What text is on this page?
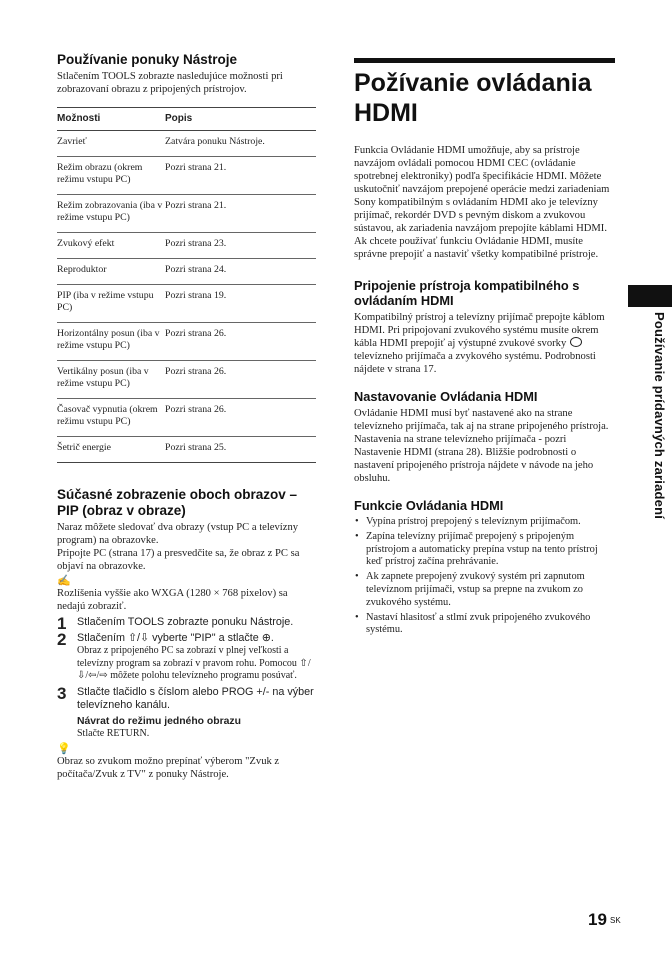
Používanie ponuky Nástroje

Stlačením TOOLS zobrazte nasledujúce možnosti pri zobrazovaní obrazu z pripojených prístrojov.

Možnosti	Popis
Zavrieť	Zatvára ponuku Nástroje.
Režim obrazu (okrem režimu vstupu PC)	Pozri strana 21.
Režim zobrazovania (iba v režime vstupu PC)	Pozri strana 21.
Zvukový efekt	Pozri strana 23.
Reproduktor	Pozri strana 24.
PIP (iba v režime vstupu PC)	Pozri strana 19.
Horizontálny posun (iba v režime vstupu PC)	Pozri strana 26.
Vertikálny posun (iba v režime vstupu PC)	Pozri strana 26.
Časovač vypnutia (okrem režimu vstupu PC)	Pozri strana 26.
Šetrič energie	Pozri strana 25.
Súčasné zobrazenie oboch obrazov – PIP (obraz v obraze)

Naraz môžete sledovať dva obrazy (vstup PC a televízny program) na obrazovke.

Pripojte PC (strana 17) a presvedčite sa, že obraz z PC sa objaví na obrazovke.

✍

Rozlíšenia vyššie ako WXGA (1280 × 768 pixelov) sa nedajú zobraziť.

1 Stlačením TOOLS zobrazte ponuku Nástroje.
2 Stlačením ⇧/⇩ vyberte "PIP" a stlačte ⊕.
Obraz z pripojeného PC sa zobrazí v plnej veľkosti a televízny program sa zobrazí v pravom rohu. Pomocou ⇧/⇩/⇦/⇨ môžete polohu televízneho programu posúvať.
3 Stlačte tlačidlo s číslom alebo PROG +/- na výber televízneho kanálu.
Návrat do režimu jedného obrazu
Stlačte RETURN.
💡

Obraz so zvukom možno prepínať výberom "Zvuk z počítača/Zvuk z TV" z ponuky Nástroje.

Požívanie ovládania HDMI

Funkcia Ovládanie HDMI umožňuje, aby sa prístroje navzájom ovládali pomocou HDMI CEC (ovládanie spotrebnej elektroniky) podľa špecifikácie HDMI. Môžete uskutočniť navzájom prepojené operácie medzi zariadeniam Sony kompatibilným s ovládaním HDMI ako je televízny prijímač, rekordér DVD s pevným diskom a zvukovou sústavou, ak zariadenia navzájom prepojíte káblami HDMI.

Ak chcete používať funkciu Ovládanie HDMI, musíte správne prepojiť a nastaviť všetky kompatibilné prístroje.

Pripojenie prístroja kompatibilného s ovládaním HDMI

Kompatibilný prístroj a televízny prijímač prepojte káblom HDMI. Pri pripojovaní zvukového systému musíte okrem kábla HDMI prepojiť aj výstupné zvukové svorky  televízneho prijímača a zvykového systému. Podrobnosti nájdete v strana 17.

Nastavovanie Ovládania HDMI

Ovládanie HDMI musí byť nastavené ako na strane televízneho prijímača, tak aj na strane pripojeného prístroja. Nastavenia na strane televízneho prijímača - pozri Nastavenie HDMI (strana 28). Bližšie podrobnosti o nastavení pripojeného prístroja nájdete v návode na jeho obsluhu.

Funkcie Ovládania HDMI
• Vypína prístroj prepojený s televíznym prijímačom.
• Zapína televízny prijímač prepojený s pripojeným prístrojom a automaticky prepína vstup na tento prístroj keď prístroj začína prehrávanie.
• Ak zapnete prepojený zvukový systém pri zapnutom televíznom prijímači, vstup sa prepne na zvukom zo zvukového systému.
• Nastaví hlasitosť a stlmí zvuk pripojeného zvukového systému.
Používanie prídavných zariadení
19 SK
